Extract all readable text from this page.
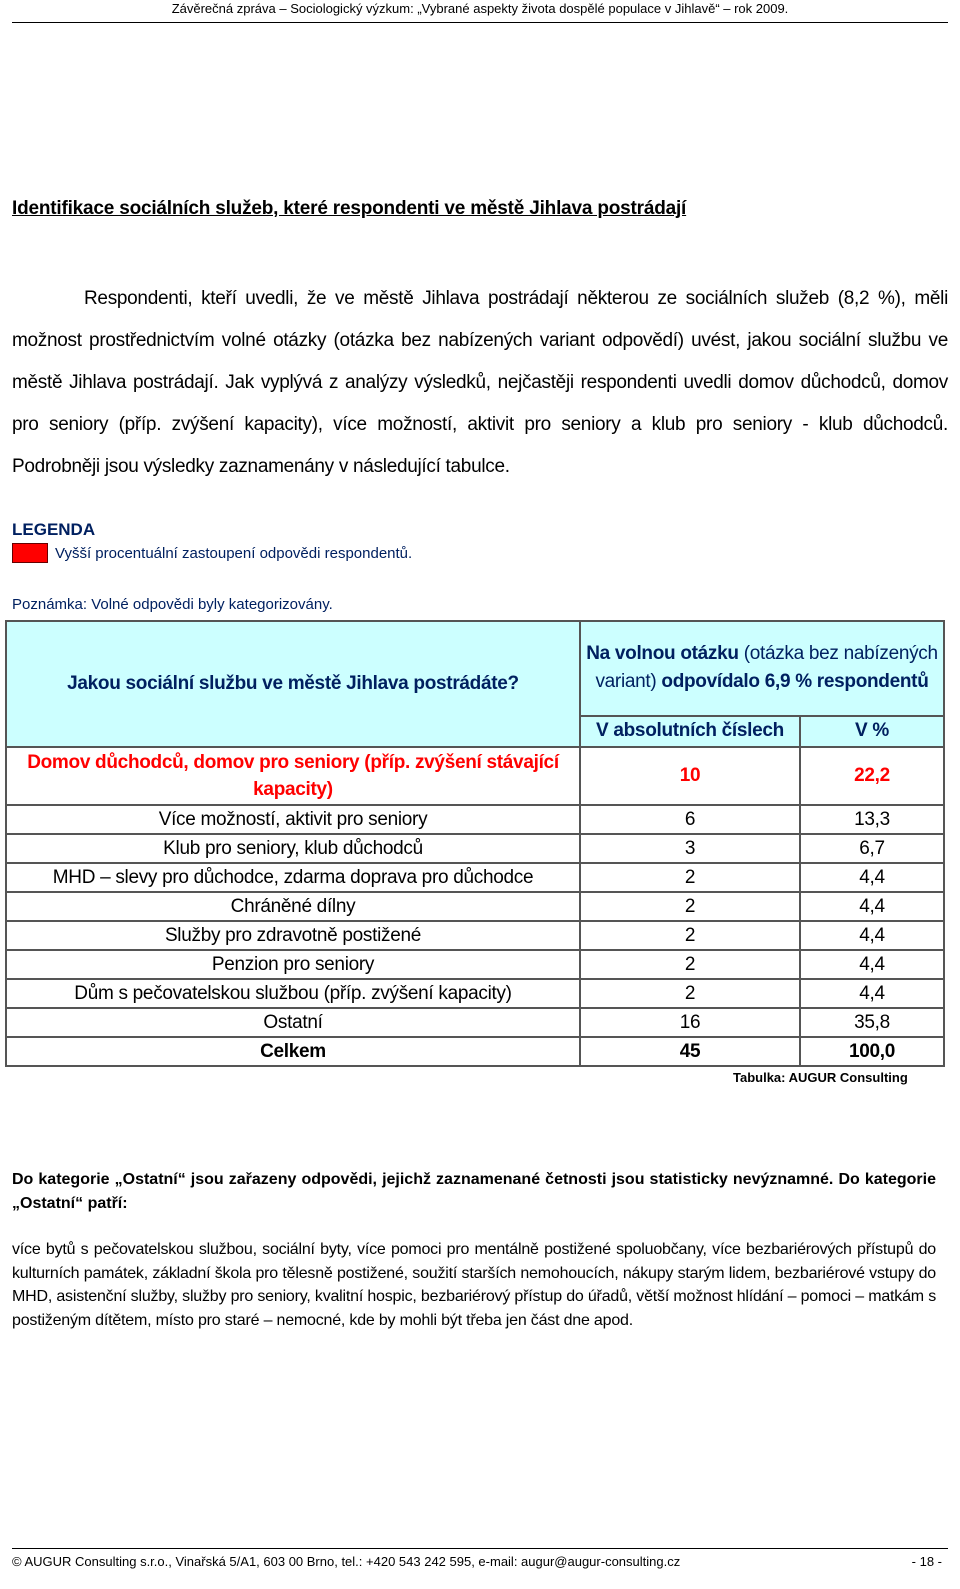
Závěrečná zpráva – Sociologický výzkum: „Vybrané aspekty života dospělé populace v Jihlavě“ – rok 2009.
Identifikace sociálních služeb, které respondenti ve městě Jihlava postrádají
Respondenti, kteří uvedli, že ve městě Jihlava postrádají některou ze sociálních služeb (8,2 %), měli možnost prostřednictvím volné otázky (otázka bez nabízených variant odpovědí) uvést, jakou sociální službu ve městě Jihlava postrádají. Jak vyplývá z analýzy výsledků, nejčastěji respondenti uvedli domov důchodců, domov pro seniory (příp. zvýšení kapacity), více možností, aktivit pro seniory a klub pro seniory - klub důchodců. Podrobněji jsou výsledky zaznamenány v následující tabulce.
LEGENDA
Vyšší procentuální zastoupení odpovědi respondentů.
Poznámka: Volné odpovědi byly kategorizovány.
Jakou sociální službu ve městě Jihlava postrádáte?	Na volnou otázku (otázka bez nabízených variant) odpovídalo 6,9 % respondentů	
	V absolutních číslech	V %
Domov důchodců, domov pro seniory (příp. zvýšení stávající kapacity)	10	22,2
Více možností, aktivit pro seniory	6	13,3
Klub pro seniory, klub důchodců	3	6,7
MHD – slevy pro důchodce, zdarma doprava pro důchodce	2	4,4
Chráněné dílny	2	4,4
Služby pro zdravotně postižené	2	4,4
Penzion pro seniory	2	4,4
Dům s pečovatelskou službou (příp. zvýšení kapacity)	2	4,4
Ostatní	16	35,8
Celkem	45	100,0
Tabulka: AUGUR Consulting
Do kategorie „Ostatní“ jsou zařazeny odpovědi, jejichž zaznamenané četnosti jsou statisticky nevýznamné. Do kategorie „Ostatní“ patří:
více bytů s pečovatelskou službou, sociální byty, více pomoci pro mentálně postižené spoluobčany, více bezbariérových přístupů do kulturních památek, základní škola pro tělesně postižené, soužití starších nemohoucích, nákupy starým lidem, bezbariérové vstupy do MHD, asistenční služby, služby pro seniory, kvalitní hospic, bezbariérový přístup do úřadů, větší možnost hlídání – pomoci – matkám s postiženým dítětem, místo pro staré – nemocné, kde by mohli být třeba jen část dne apod.
© AUGUR Consulting s.r.o., Vinařská 5/A1, 603 00 Brno, tel.: +420 543 242 595, e-mail: augur@augur-consulting.cz	- 18 -
